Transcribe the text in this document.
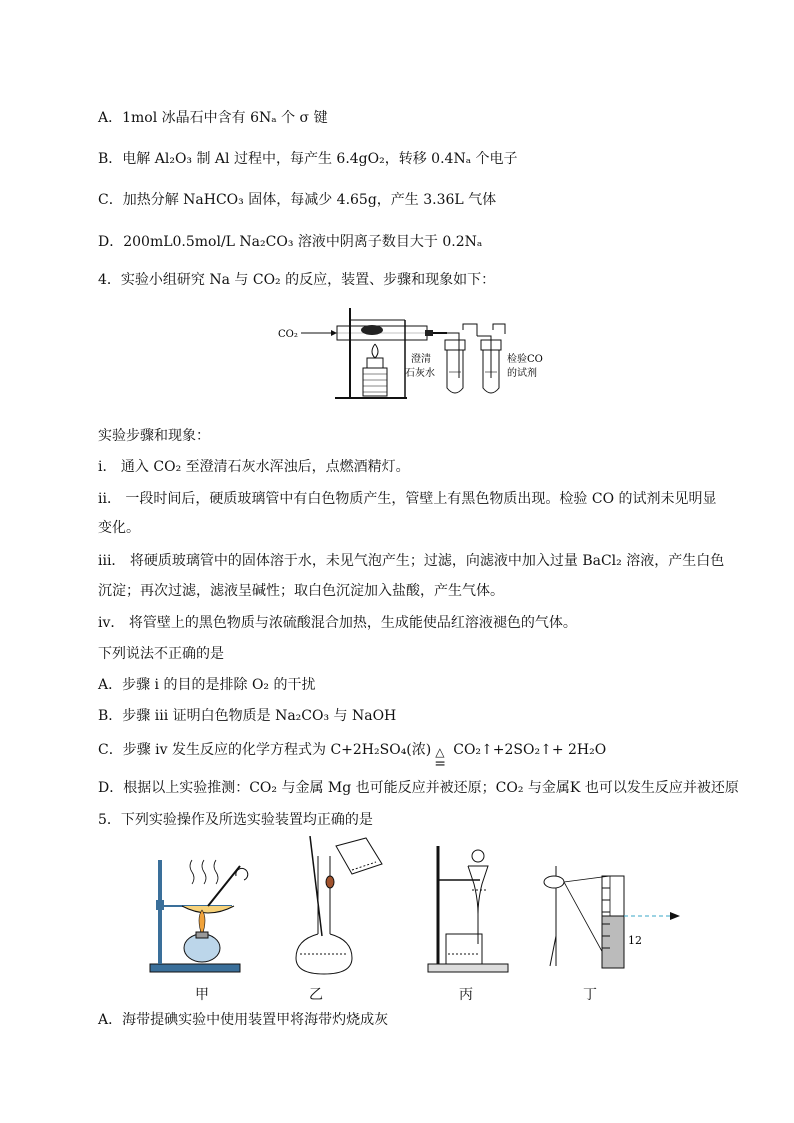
A．1mol 冰晶石中含有 6Nₐ 个 σ 键
B．电解 Al₂O₃ 制 Al 过程中，每产生 6.4gO₂，转移 0.4Nₐ 个电子
C．加热分解 NaHCO₃ 固体，每减少 4.65g，产生 3.36L 气体
D．200mL0.5mol/L Na₂CO₃ 溶液中阴离子数目大于 0.2Nₐ
4．实验小组研究 Na 与 CO₂ 的反应，装置、步骤和现象如下：
CO₂
澄清
石灰水
检验CO
的试剂
实验步骤和现象：
i． 通入 CO₂ 至澄清石灰水浑浊后，点燃酒精灯。
ii． 一段时间后，硬质玻璃管中有白色物质产生，管壁上有黑色物质出现。检验 CO 的试剂未见明显
变化。
iii． 将硬质玻璃管中的固体溶于水，未见气泡产生；过滤，向滤液中加入过量 BaCl₂ 溶液，产生白色
沉淀；再次过滤，滤液呈碱性；取白色沉淀加入盐酸，产生气体。
iv． 将管壁上的黑色物质与浓硫酸混合加热，生成能使品红溶液褪色的气体。
下列说法不正确的是
A．步骤 i 的目的是排除 O₂ 的干扰
B．步骤 iii 证明白色物质是 Na₂CO₃ 与 NaOH
C．步骤 iv 发生反应的化学方程式为 C+2H₂SO₄(浓) △
=
CO₂↑+2SO₂↑+ 2H₂O
D．根据以上实验推测：CO₂ 与金属 Mg 也可能反应并被还原；CO₂ 与金属K 也可以发生反应并被还原
5．下列实验操作及所选实验装置均正确的是
12
甲	乙	丙	丁
A．海带提碘实验中使用装置甲将海带灼烧成灰
